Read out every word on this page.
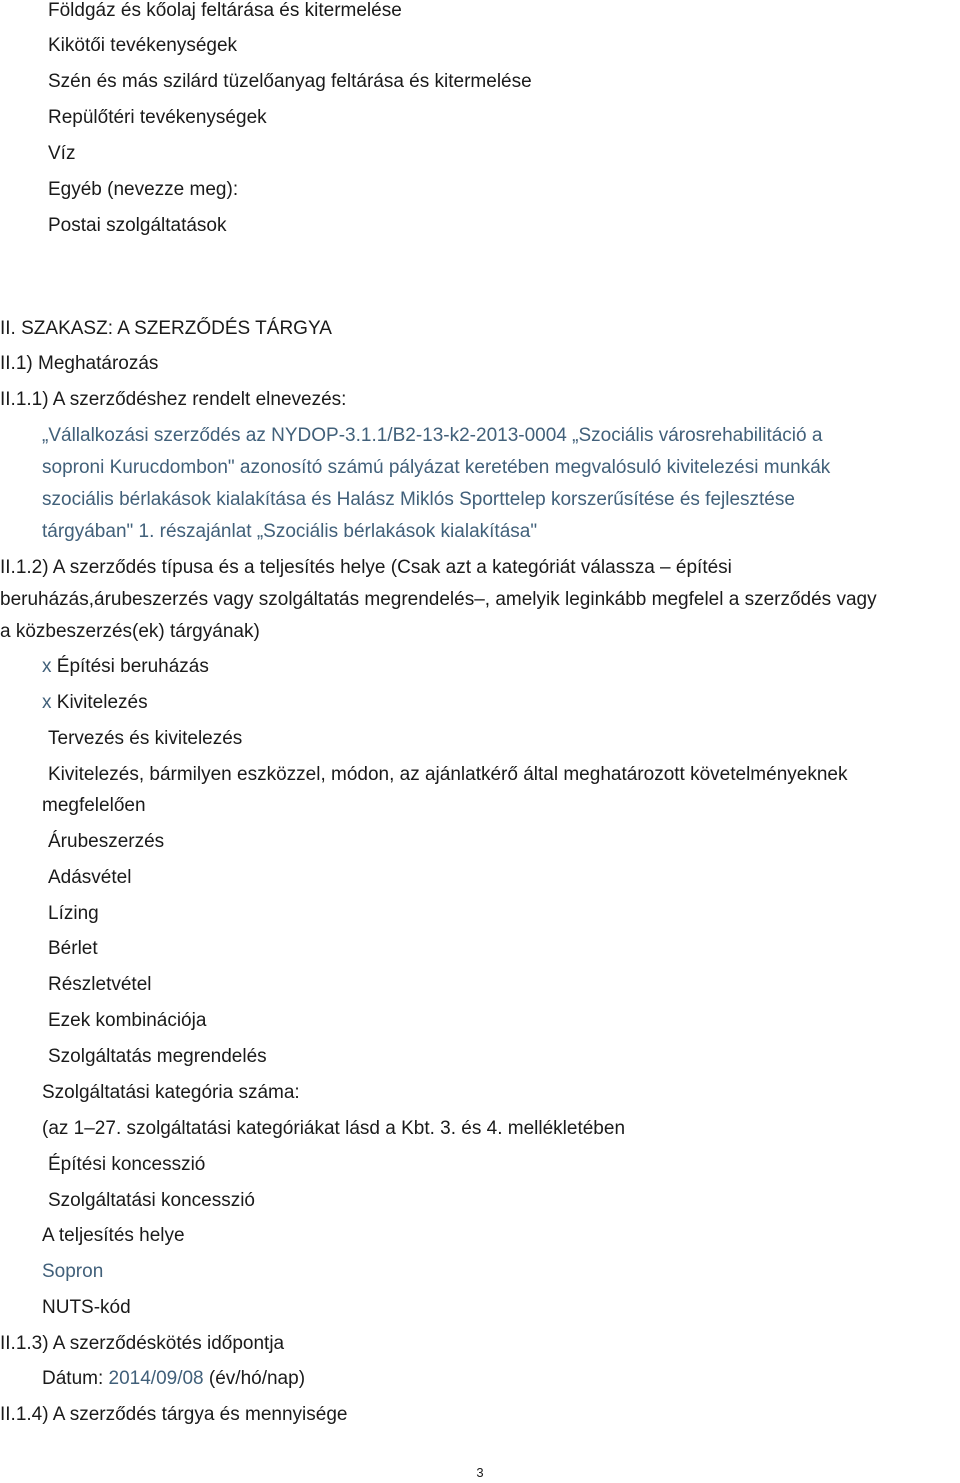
Földgáz és kőolaj feltárása és kitermelése
Kikötői tevékenységek
Szén és más szilárd tüzelőanyag feltárása és kitermelése
Repülőtéri tevékenységek
Víz
Egyéb (nevezze meg):
Postai szolgáltatások
II. SZAKASZ: A SZERZŐDÉS TÁRGYA
II.1) Meghatározás
II.1.1) A szerződéshez rendelt elnevezés:
„Vállalkozási szerződés az NYDOP-3.1.1/B2-13-k2-2013-0004 „Szociális városrehabilitáció a
soproni Kurucdombon" azonosító számú pályázat keretében megvalósuló kivitelezési munkák
szociális bérlakások kialakítása és Halász Miklós Sporttelep korszerűsítése és fejlesztése
tárgyában" 1. részajánlat „Szociális bérlakások kialakítása"
II.1.2) A szerződés típusa és a teljesítés helye (Csak azt a kategóriát válassza – építési
beruházás,árubeszerzés vagy szolgáltatás megrendelés–, amelyik leginkább megfelel a szerződés vagy
a közbeszerzés(ek) tárgyának)
x Építési beruházás
x Kivitelezés
Tervezés és kivitelezés
Kivitelezés, bármilyen eszközzel, módon, az ajánlatkérő által meghatározott követelményeknek
megfelelően
Árubeszerzés
Adásvétel
Lízing
Bérlet
Részletvétel
Ezek kombinációja
Szolgáltatás megrendelés
Szolgáltatási kategória száma:
(az 1–27. szolgáltatási kategóriákat lásd a Kbt. 3. és 4. mellékletében
Építési koncesszió
Szolgáltatási koncesszió
A teljesítés helye
Sopron
NUTS-kód
II.1.3) A szerződéskötés időpontja
Dátum: 2014/09/08 (év/hó/nap)
II.1.4) A szerződés tárgya és mennyisége
3
